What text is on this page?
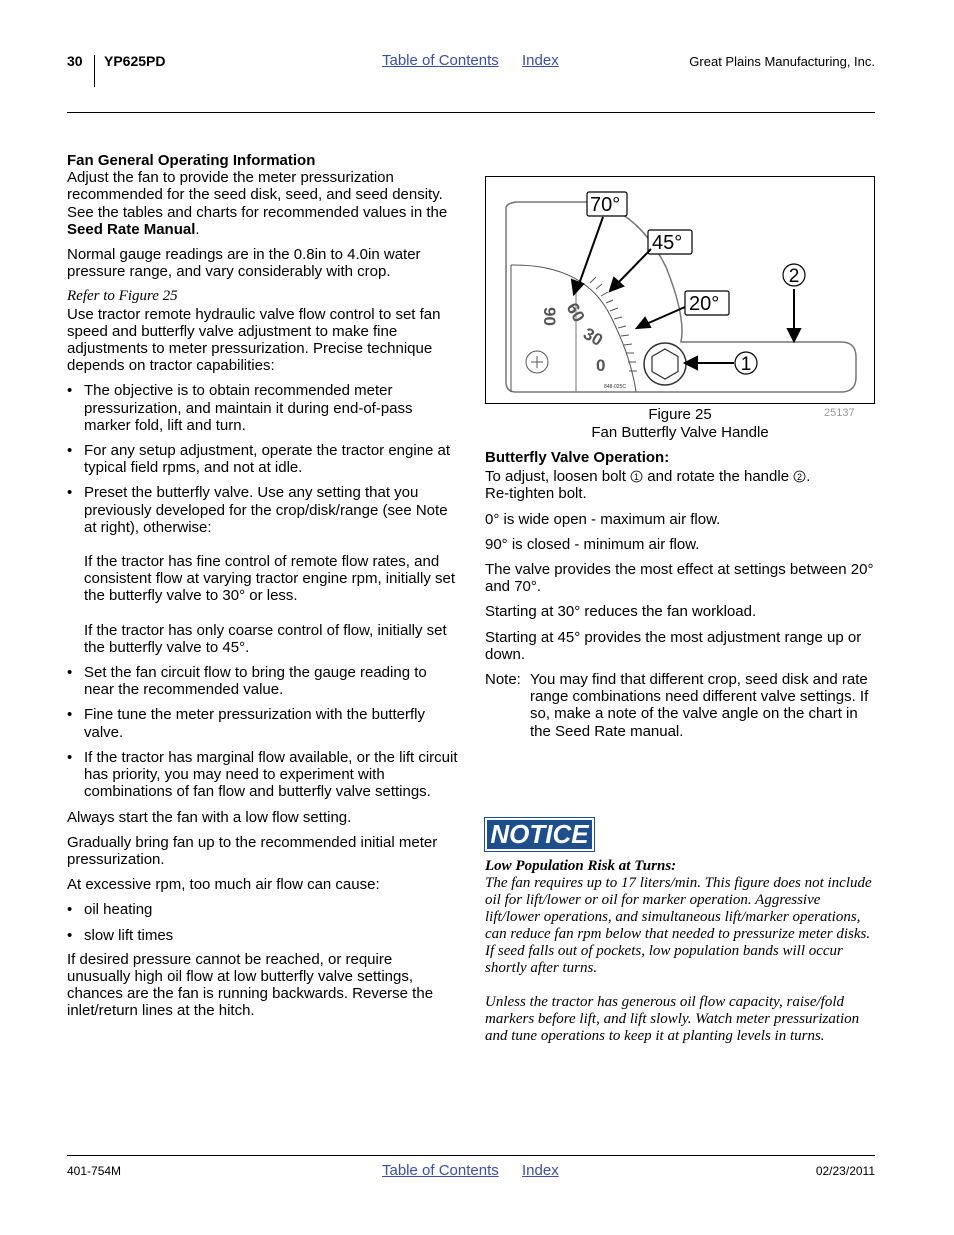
30 YP625PD	Table of Contents Index	Great Plains Manufacturing, Inc.

Fan General Operating Information

Adjust the fan to provide the meter pressurization recommended for the seed disk, seed, and seed density. See the tables and charts for recommended values in the Seed Rate Manual.

Normal gauge readings are in the 0.8in to 4.0in water pressure range, and vary considerably with crop.

Refer to Figure 25

Use tractor remote hydraulic valve flow control to set fan speed and butterfly valve adjustment to make fine adjustments to meter pressurization. Precise technique depends on tractor capabilities:

• The objective is to obtain recommended meter pressurization, and maintain it during end-of-pass marker fold, lift and turn.

• For any setup adjustment, operate the tractor engine at typical field rpms, and not at idle.

• Preset the butterfly valve. Use any setting that you previously developed for the crop/disk/range (see Note at right), otherwise:

If the tractor has fine control of remote flow rates, and consistent flow at varying tractor engine rpm, initially set the butterfly valve to 30° or less.

If the tractor has only coarse control of flow, initially set the butterfly valve to 45°.

• Set the fan circuit flow to bring the gauge reading to near the recommended value.

• Fine tune the meter pressurization with the butterfly valve.

• If the tractor has marginal flow available, or the lift circuit has priority, you may need to experiment with combinations of fan flow and butterfly valve settings.

Always start the fan with a low flow setting.

Gradually bring fan up to the recommended initial meter pressurization.

At excessive rpm, too much air flow can cause:

• oil heating

• slow lift times

If desired pressure cannot be reached, or require unusually high oil flow at low butterfly valve settings, chances are the fan is running backwards. Reverse the inlet/return lines at the hitch.

90 60
30
0
848-025C
70°
45°
20°
2
1
Figure 25
Fan Butterfly Valve Handle
25137

Butterfly Valve Operation:

To adjust, loosen bolt 1 and rotate the handle 2 .
Re-tighten bolt.

0° is wide open - maximum air flow.

90° is closed - minimum air flow.

The valve provides the most effect at settings between 20° and 70°.

Starting at 30° reduces the fan workload.

Starting at 45° provides the most adjustment range up or down.

Note: You may find that different crop, seed disk and rate range combinations need different valve settings. If so, make a note of the valve angle on the chart in the Seed Rate manual.
NOTICE

Low Population Risk at Turns:

The fan requires up to 17 liters/min. This figure does not include oil for lift/lower or oil for marker operation. Aggressive lift/lower operations, and simultaneous lift/marker operations, can reduce fan rpm below that needed to pressurize meter disks. If seed falls out of pockets, low population bands will occur shortly after turns.

Unless the tractor has generous oil flow capacity, raise/fold markers before lift, and lift slowly. Watch meter pressurization and tune operations to keep it at planting levels in turns.

401-754M	Table of Contents Index	02/23/2011
